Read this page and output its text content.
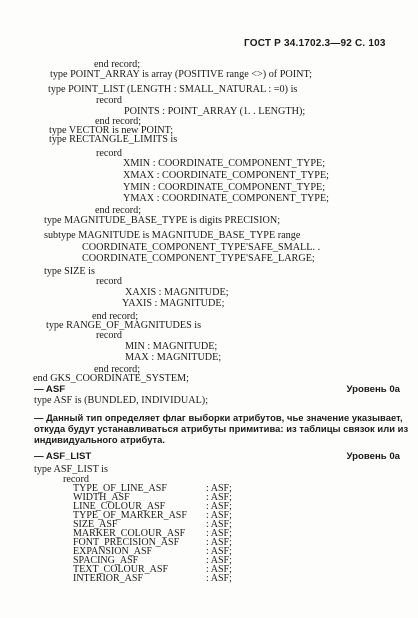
ГОСТ Р 34.1702.3—92 С. 103
end record;
type POINT_ARRAY is array (POSITIVE range <>) of POINT;
type POINT_LIST (LENGTH : SMALL_NATURAL : =0) is
record
POINTS : POINT_ARRAY (1. . LENGTH);
end record;
type VECTOR is new POINT;
type RECTANGLE_LIMITS is
record
XMIN : COORDINATE_COMPONENT_TYPE;
XMAX : COORDINATE_COMPONENT_TYPE;
YMIN : COORDINATE_COMPONENT_TYPE;
YMAX : COORDINATE_COMPONENT_TYPE;
end record;
type MAGNITUDE_BASE_TYPE is digits PRECISION;
subtype MAGNITUDE is MAGNITUDE_BASE_TYPE range
COORDINATE_COMPONENT_TYPE'SAFE_SMALL. .
COORDINATE_COMPONENT_TYPE'SAFE_LARGE;
type SIZE is
record
XAXIS : MAGNITUDE;
YAXIS : MAGNITUDE;
end record;
type RANGE_OF_MAGNITUDES is
record
MIN : MAGNITUDE;
MAX : MAGNITUDE;
end record;
end GKS_COORDINATE_SYSTEM;
— ASF	Уровень 0a
type ASF is (BUNDLED, INDIVIDUAL);
— Данный тип определяет флаг выборки атрибутов, чье значение указывает,
откуда будут устанавливаться атрибуты примитива: из таблицы связок или из
индивидуального атрибута.
— ASF_LIST	Уровень 0a
type ASF_LIST is
record
TYPE_OF_LINE_ASF
WIDTH_ASF
LINE_COLOUR_ASF
TYPE_OF_MARKER_ASF
SIZE_ASF
MARKER_COLOUR_ASF
FONT_PRECISION_ASF
EXPANSION_ASF
SPACING_ASF
TEXT_COLOUR_ASF
INTERIOR_ASF
: ASF;
: ASF;
: ASF;
: ASF;
: ASF;
: ASF;
: ASF;
: ASF;
: ASF;
: ASF;
: ASF;
